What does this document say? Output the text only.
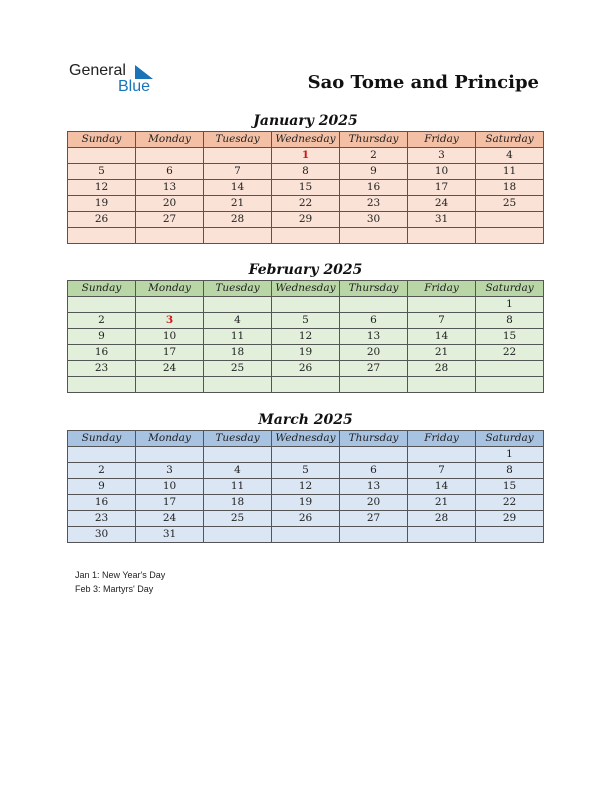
General
Blue	Sao Tome and Principe
January 2025
Sunday	Monday	Tuesday	Wednesday	Thursday	Friday	Saturday
			1	2	3	4
5	6	7	8	9	10	11
12	13	14	15	16	17	18
19	20	21	22	23	24	25
26	27	28	29	30	31	

February 2025
Sunday	Monday	Tuesday	Wednesday	Thursday	Friday	Saturday
						1
2	3	4	5	6	7	8
9	10	11	12	13	14	15
16	17	18	19	20	21	22
23	24	25	26	27	28	

March 2025
Sunday	Monday	Tuesday	Wednesday	Thursday	Friday	Saturday
						1
2	3	4	5	6	7	8
9	10	11	12	13	14	15
16	17	18	19	20	21	22
23	24	25	26	27	28	29
30	31					
Jan 1: New Year's Day
Feb 3: Martyrs' Day
